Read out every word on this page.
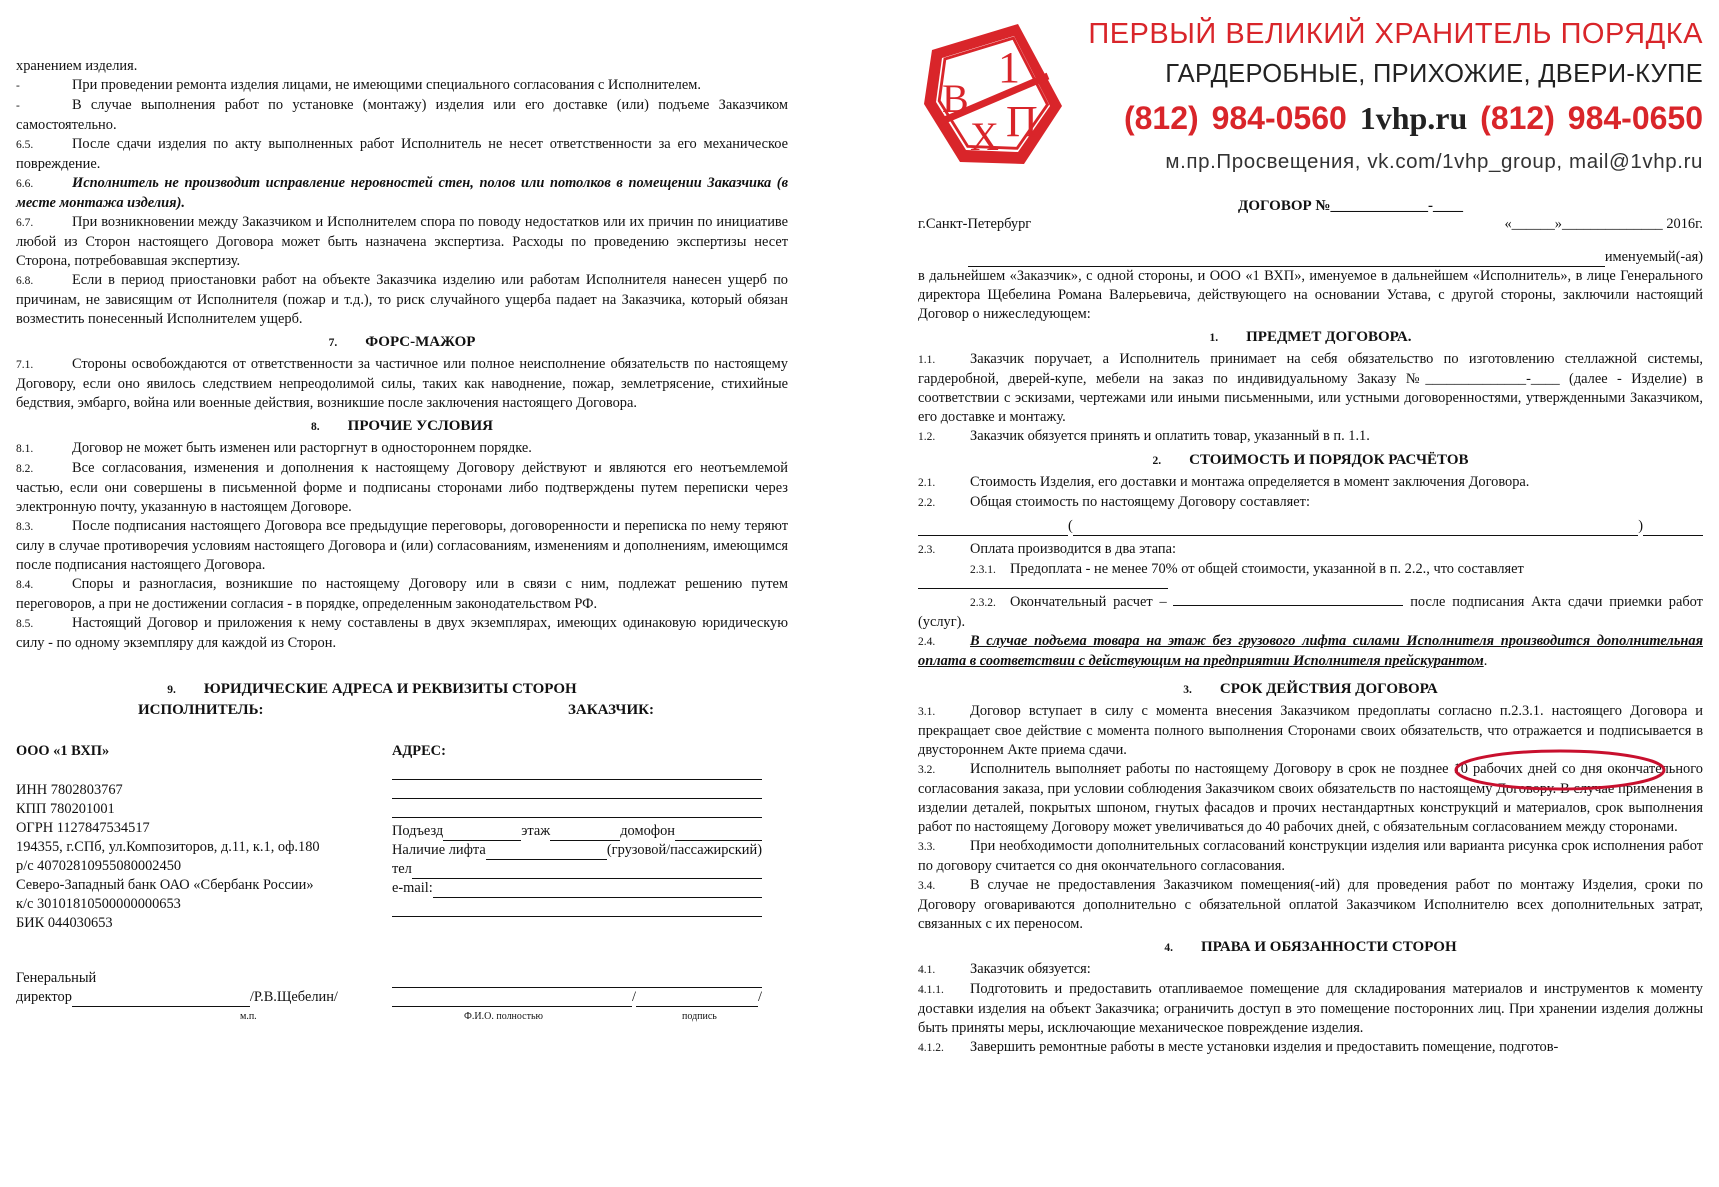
хранением изделия.

-	При проведении ремонта изделия лицами, не имеющими специального согласования с Исполнителем.

-	В случае выполнения работ по установке (монтажу) изделия или его доставке (или) подъеме Заказчиком самостоятельно.

6.5.	После сдачи изделия по акту выполненных работ Исполнитель не несет ответственности за его механическое повреждение.

6.6.	Исполнитель не производит исправление неровностей стен, полов или потолков в помещении Заказчика (в месте монтажа изделия).

6.7.	При возникновении между Заказчиком и Исполнителем спора по поводу недостатков или их причин по инициативе любой из Сторон настоящего Договора может быть назначена экспертиза. Расходы по проведению экспертизы несет Сторона, потребовавшая экспертизу.

6.8.	Если в период приостановки работ на объекте Заказчика изделию или работам Исполнителя нанесен ущерб по причинам, не зависящим от Исполнителя (пожар и т.д.), то риск случайного ущерба падает на Заказчика, который обязан возместить понесенный Исполнителем ущерб.

7. ФОРС-МАЖОР

7.1.	Стороны освобождаются от ответственности за частичное или полное неисполнение обязательств по настоящему Договору, если оно явилось следствием непреодолимой силы, таких как наводнение, пожар, землетрясение, стихийные бедствия, эмбарго, война или военные действия, возникшие после заключения настоящего Договора.

8. ПРОЧИЕ УСЛОВИЯ

8.1.	Договор не может быть изменен или расторгнут в одностороннем порядке.

8.2.	Все согласования, изменения и дополнения к настоящему Договору действуют и являются его неотъемлемой частью, если они совершены в письменной форме и подписаны сторонами либо подтверждены путем переписки через электронную почту, указанную в настоящем Договоре.

8.3.	После подписания настоящего Договора все предыдущие переговоры, договоренности и переписка по нему теряют силу в случае противоречия условиям настоящего Договора и (или) согласованиям, изменениям и дополнениям, имеющимся после подписания настоящего Договора.

8.4.	Споры и разногласия, возникшие по настоящему Договору или в связи с ним, подлежат решению путем переговоров, а при не достижении согласия - в порядке, определенным законодательством РФ.

8.5.	Настоящий Договор и приложения к нему составлены в двух экземплярах, имеющих одинаковую юридическую силу - по одному экземпляру для каждой из Сторон.

9. ЮРИДИЧЕСКИЕ АДРЕСА И РЕКВИЗИТЫ СТОРОН
ИСПОЛНИТЕЛЬ:	ЗАКАЗЧИК:
ООО «1 ВХП»
ИНН 7802803767
КПП 780201001
ОГРН 1127847534517
194355, г.СПб, ул.Композиторов, д.11, к.1, оф.180
р/с 40702810955080002450
Северо-Западный банк ОАО «Сбербанк России»
к/с 30101810500000000653
БИК 044030653
Генеральный
директор	/Р.В.Щебелин/
м.п.
АДРЕС:
Подъезд	этаж	домофон
Наличие лифта	(грузовой/пассажирский)
тел
e-mail:
/	/
Ф.И.О. полностью	подпись
1
В
Х П
ПЕРВЫЙ ВЕЛИКИЙ ХРАНИТЕЛЬ ПОРЯДКА
ГАРДЕРОБНЫЕ, ПРИХОЖИЕ, ДВЕРИ-КУПЕ
(812) 984-0560 1vhp.ru (812) 984-0650
м.пр.Просвещения, vk.com/1vhp_group, mail@1vhp.ru
ДОГОВОР №_____________-____
г.Санкт-Петербург	«______»______________ 2016г.
именуемый(-ая)

в дальнейшем «Заказчик», с одной стороны, и ООО «1 ВХП», именуемое в дальнейшем «Исполнитель», в лице Генерального директора Щебелина Романа Валерьевича, действующего на основании Устава, с другой стороны, заключили настоящий Договор о нижеследующем:

1. ПРЕДМЕТ ДОГОВОРА.

1.1. Заказчик поручает, а Исполнитель принимает на себя обязательство по изготовлению стеллажной системы, гардеробной, дверей-купе, мебели на заказ по индивидуальному Заказу №______________-____ (далее - Изделие) в соответствии с эскизами, чертежами или иными письменными, или устными договоренностями, утвержденными Заказчиком, его доставке и монтажу.

1.2. Заказчик обязуется принять и оплатить товар, указанный в п. 1.1.

2. СТОИМОСТЬ И ПОРЯДОК РАСЧЁТОВ

2.1. Стоимость Изделия, его доставки и монтажа определяется в момент заключения Договора.

2.2. Общая стоимость по настоящему Договору составляет:

(	)

2.3. Оплата производится в два этапа:

2.3.1. Предоплата - не менее 70% от общей стоимости, указанной в п. 2.2., что составляет

2.3.2. Окончательный расчет –	после подписания Акта сдачи приемки работ (услуг).

2.4. В случае подъема товара на этаж без грузового лифта силами Исполнителя производится дополнительная оплата в соответствии с действующим на предприятии Исполнителя прейскурантом.

3. СРОК ДЕЙСТВИЯ ДОГОВОРА

3.1. Договор вступает в силу с момента внесения Заказчиком предоплаты согласно п.2.3.1. настоящего Договора и прекращает свое действие с момента полного выполнения Сторонами своих обязательств, что отражается и подписывается в двустороннем Акте приема сдачи.

3.2. Исполнитель выполняет работы по настоящему Договору в срок не позднее 10 рабочих дней со дня окончательного согласования заказа, при условии соблюдения Заказчиком своих обязательств по настоящему Договору. В случае применения в изделии деталей, покрытых шпоном, гнутых фасадов и прочих нестандартных конструкций и материалов, срок выполнения работ по настоящему Договору может увеличиваться до 40 рабочих дней, с обязательным согласованием между сторонами.

3.3. При необходимости дополнительных согласований конструкции изделия или варианта рисунка срок исполнения работ по договору считается со дня окончательного согласования.

3.4. В случае не предоставления Заказчиком помещения(-ий) для проведения работ по монтажу Изделия, сроки по Договору оговариваются дополнительно с обязательной оплатой Заказчиком Исполнителю всех дополнительных затрат, связанных с их переносом.

4. ПРАВА И ОБЯЗАННОСТИ СТОРОН

4.1. Заказчик обязуется:

4.1.1. Подготовить и предоставить отапливаемое помещение для складирования материалов и инструментов к моменту доставки изделия на объект Заказчика; ограничить доступ в это помещение посторонних лиц. При хранении изделия должны быть приняты меры, исключающие механическое повреждение изделия.

4.1.2. Завершить ремонтные работы в месте установки изделия и предоставить помещение, подготов-
